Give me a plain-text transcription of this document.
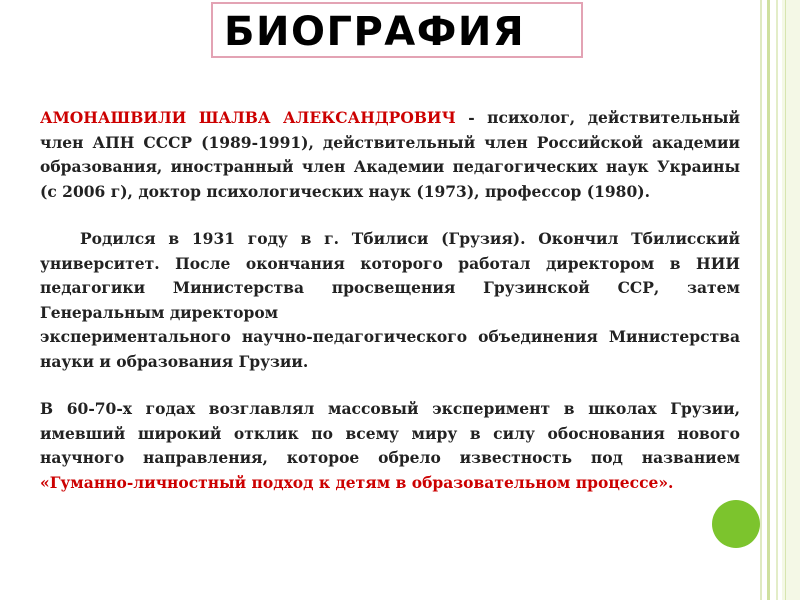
БИОГРАФИЯ

АМОНАШВИЛИ ШАЛВА АЛЕКСАНДРОВИЧ - психолог, действительный член АПН СССР (1989-1991), действительный член Российской академии образования, иностранный член Академии педагогических наук Украины (с 2006 г), доктор психологических наук (1973), профессор (1980).

Родился в 1931 году в г. Тбилиси (Грузия). Окончил Тбилисский университет. После окончания которого работал директором в НИИ педагогики Министерства просвещения Грузинской ССР, затем Генеральным директором

экспериментального научно-педагогического объединения Министерства науки и образования Грузии.

В 60-70-х годах возглавлял массовый эксперимент в школах Грузии, имевший широкий отклик по всему миру в силу обоснования нового научного направления, которое обрело известность под названием «Гуманно-личностный подход к детям в образовательном процессе».
